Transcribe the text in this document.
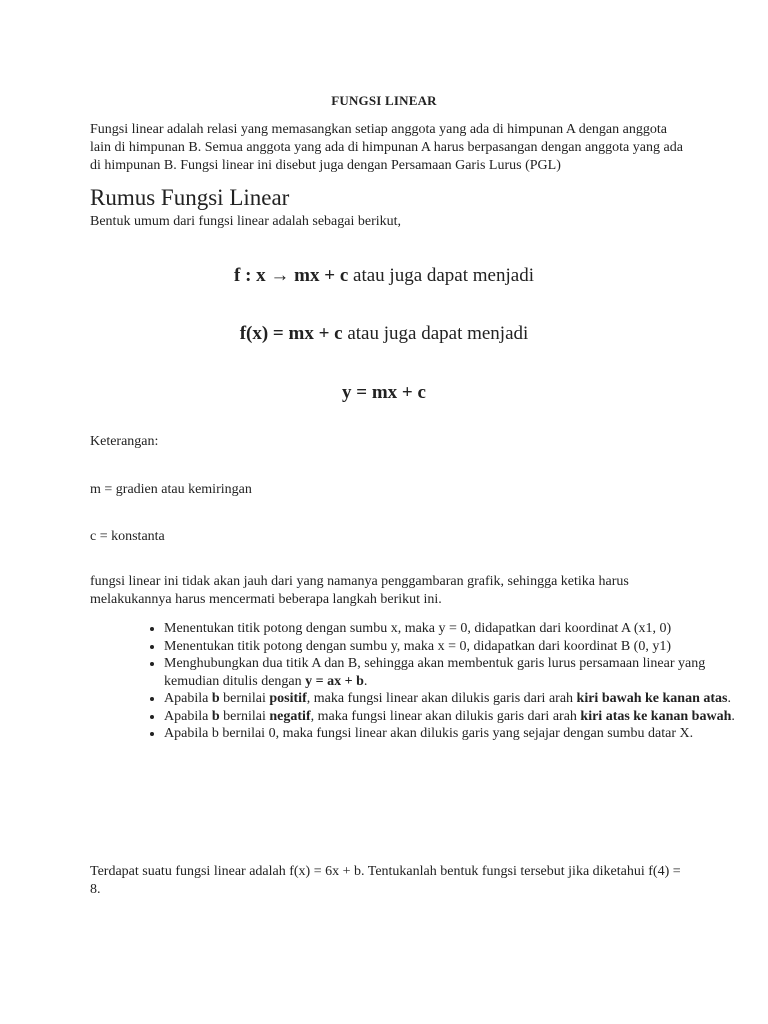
FUNGSI LINEAR

Fungsi linear adalah relasi yang memasangkan setiap anggota yang ada di himpunan A dengan anggota lain di himpunan B. Semua anggota yang ada di himpunan A harus berpasangan dengan anggota yang ada di himpunan B. Fungsi linear ini disebut juga dengan Persamaan Garis Lurus (PGL)

Rumus Fungsi Linear

Bentuk umum dari fungsi linear adalah sebagai berikut,

f : x → mx + c atau juga dapat menjadi

f(x) = mx + c atau juga dapat menjadi

y = mx + c

Keterangan:

m = gradien atau kemiringan

c = konstanta

fungsi linear ini tidak akan jauh dari yang namanya penggambaran grafik, sehingga ketika harus melakukannya harus mencermati beberapa langkah berikut ini.

• Menentukan titik potong dengan sumbu x, maka y = 0, didapatkan dari koordinat A (x1, 0)
• Menentukan titik potong dengan sumbu y, maka x = 0, didapatkan dari koordinat B (0, y1)
• Menghubungkan dua titik A dan B, sehingga akan membentuk garis lurus persamaan linear yang kemudian ditulis dengan y = ax + b.
• Apabila b bernilai positif, maka fungsi linear akan dilukis garis dari arah kiri bawah ke kanan atas.
• Apabila b bernilai negatif, maka fungsi linear akan dilukis garis dari arah kiri atas ke kanan bawah.
• Apabila b bernilai 0, maka fungsi linear akan dilukis garis yang sejajar dengan sumbu datar X.

Terdapat suatu fungsi linear adalah f(x) = 6x + b. Tentukanlah bentuk fungsi tersebut jika diketahui f(4) = 8.
